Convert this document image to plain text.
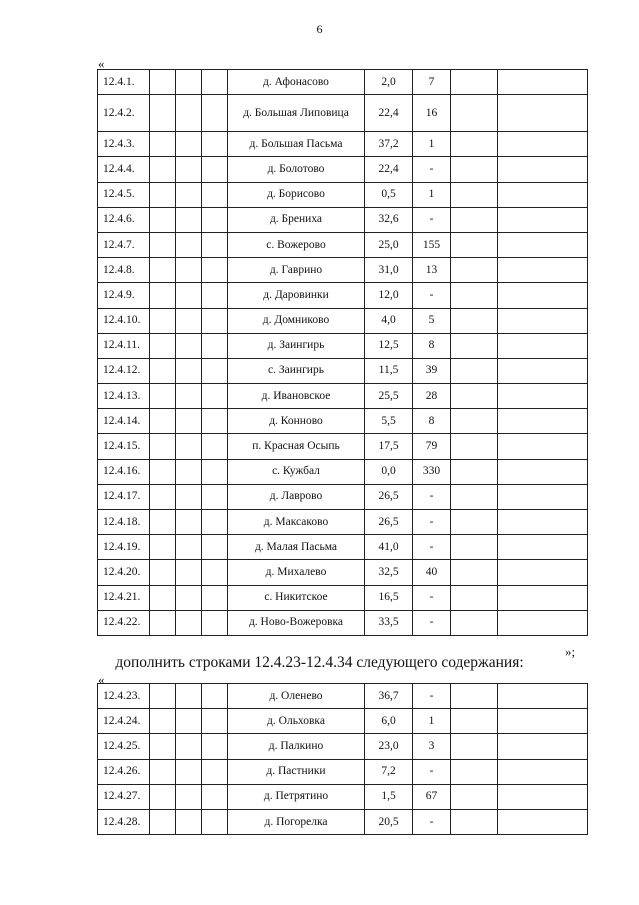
6
«
12.4.1.				д. Афонасово	2,0	7		
12.4.2.				д. Большая Липовица	22,4	16		
12.4.3.				д. Большая Пасьма	37,2	1		
12.4.4.				д. Болотово	22,4	-		
12.4.5.				д. Борисово	0,5	1		
12.4.6.				д. Брениха	32,6	-		
12.4.7.				с. Вожерово	25,0	155		
12.4.8.				д. Гаврино	31,0	13		
12.4.9.				д. Даровинки	12,0	-		
12.4.10.				д. Домниково	4,0	5		
12.4.11.				д. Заингирь	12,5	8		
12.4.12.				с. Заингирь	11,5	39		
12.4.13.				д. Ивановское	25,5	28		
12.4.14.				д. Конново	5,5	8		
12.4.15.				п. Красная Осыпь	17,5	79		
12.4.16.				с. Кужбал	0,0	330		
12.4.17.				д. Лаврово	26,5	-		
12.4.18.				д. Максаково	26,5	-		
12.4.19.				д. Малая Пасьма	41,0	-		
12.4.20.				д. Михалево	32,5	40		
12.4.21.				с. Никитское	16,5	-		
12.4.22.				д. Ново-Вожеровка	33,5	-		
»;
дополнить строками 12.4.23-12.4.34 следующего содержания:
«
12.4.23.				д. Оленево	36,7	-		
12.4.24.				д. Ольховка	6,0	1		
12.4.25.				д. Палкино	23,0	3		
12.4.26.				д. Пастники	7,2	-		
12.4.27.				д. Петрятино	1,5	67		
12.4.28.				д. Погорелка	20,5	-		
